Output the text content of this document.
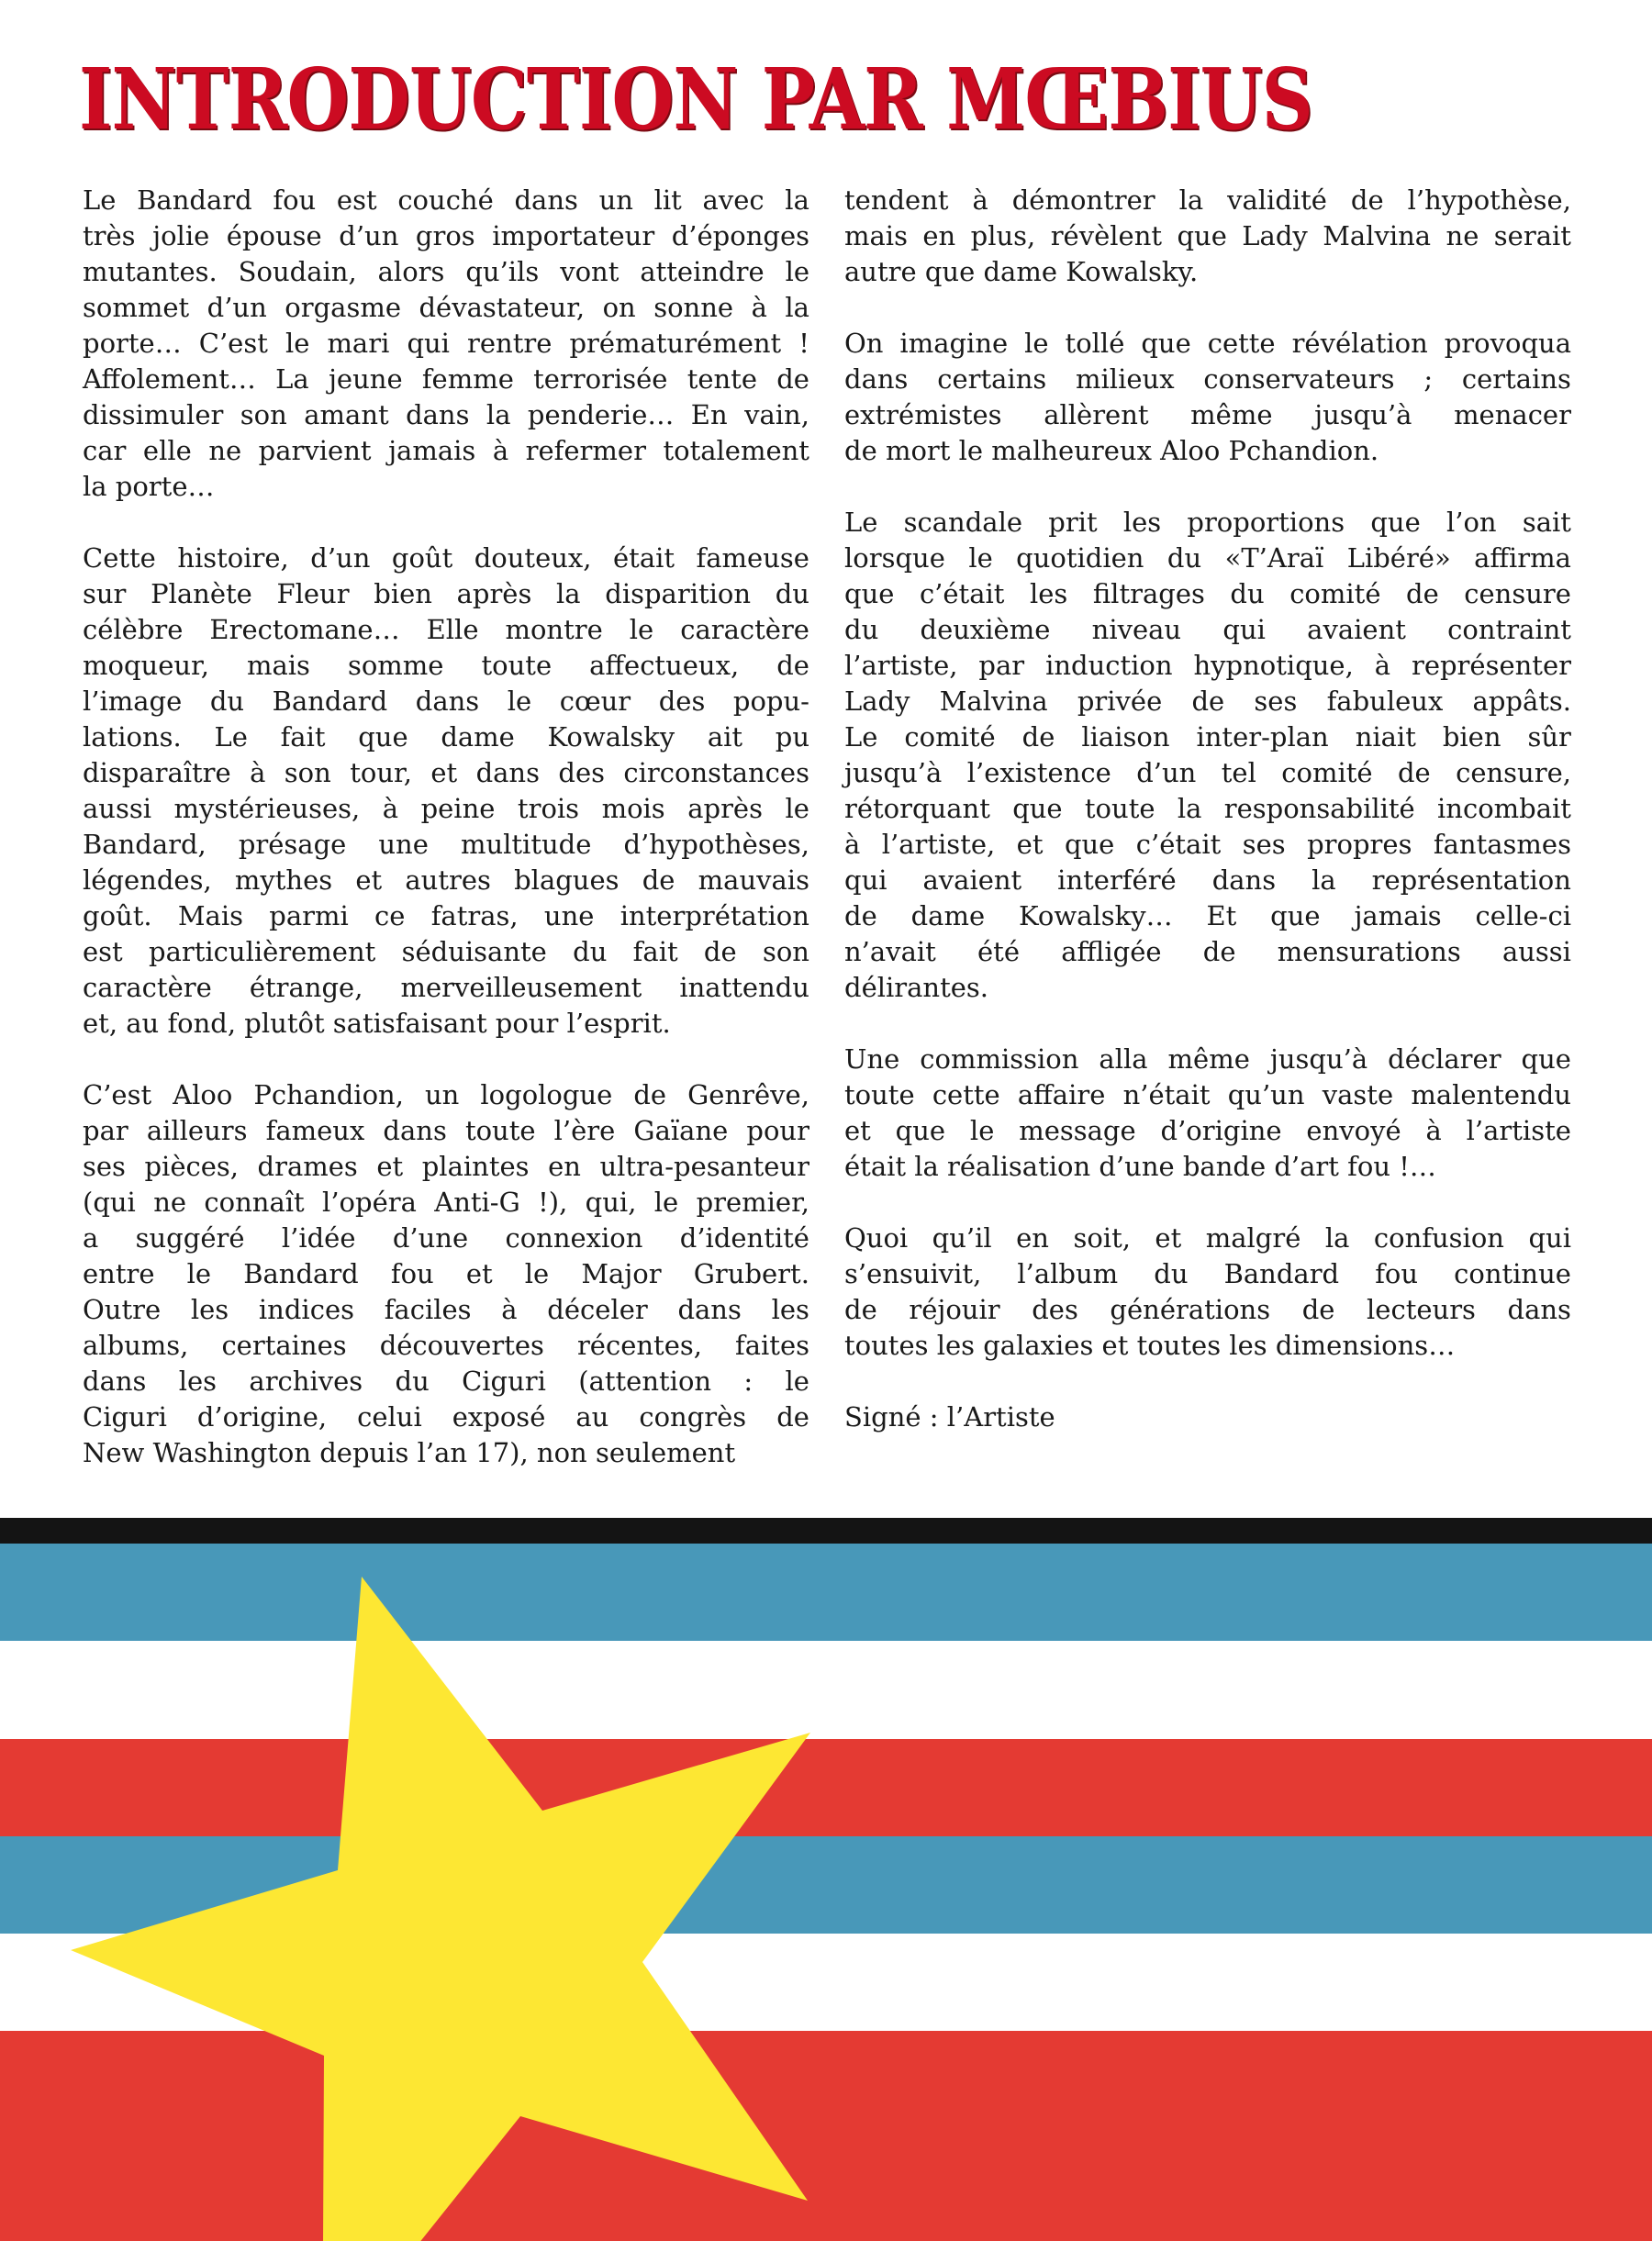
INTRODUCTION PAR MŒBIUS
Le Bandard fou est couché dans un lit avec la
très jolie épouse d’un gros importateur d’éponges
mutantes. Soudain, alors qu’ils vont atteindre le
sommet d’un orgasme dévastateur, on sonne à la
porte… C’est le mari qui rentre prématurément !
Affolement… La jeune femme terrorisée tente de
dissimuler son amant dans la penderie… En vain,
car elle ne parvient jamais à refermer totalement
la porte…
Cette histoire, d’un goût douteux, était fameuse
sur Planète Fleur bien après la disparition du
célèbre Erectomane… Elle montre le caractère
moqueur, mais somme toute affectueux, de
l’image du Bandard dans le cœur des popu-
lations. Le fait que dame Kowalsky ait pu
disparaître à son tour, et dans des circonstances
aussi mystérieuses, à peine trois mois après le
Bandard, présage une multitude d’hypothèses,
légendes, mythes et autres blagues de mauvais
goût. Mais parmi ce fatras, une interprétation
est particulièrement séduisante du fait de son
caractère étrange, merveilleusement inattendu
et, au fond, plutôt satisfaisant pour l’esprit.
C’est Aloo Pchandion, un logologue de Genrêve,
par ailleurs fameux dans toute l’ère Gaïane pour
ses pièces, drames et plaintes en ultra-pesanteur
(qui ne connaît l’opéra Anti-G !), qui, le premier,
a suggéré l’idée d’une connexion d’identité
entre le Bandard fou et le Major Grubert.
Outre les indices faciles à déceler dans les
albums, certaines découvertes récentes, faites
dans les archives du Ciguri (attention : le
Ciguri d’origine, celui exposé au congrès de
New Washington depuis l’an 17), non seulement
tendent à démontrer la validité de l’hypothèse,
mais en plus, révèlent que Lady Malvina ne serait
autre que dame Kowalsky.
On imagine le tollé que cette révélation provoqua
dans certains milieux conservateurs ; certains
extrémistes allèrent même jusqu’à menacer
de mort le malheureux Aloo Pchandion.
Le scandale prit les proportions que l’on sait
lorsque le quotidien du «T’Araï Libéré» affirma
que c’était les filtrages du comité de censure
du deuxième niveau qui avaient contraint
l’artiste, par induction hypnotique, à représenter
Lady Malvina privée de ses fabuleux appâts.
Le comité de liaison inter-plan niait bien sûr
jusqu’à l’existence d’un tel comité de censure,
rétorquant que toute la responsabilité incombait
à l’artiste, et que c’était ses propres fantasmes
qui avaient interféré dans la représentation
de dame Kowalsky… Et que jamais celle-ci
n’avait été affligée de mensurations aussi
délirantes.
Une commission alla même jusqu’à déclarer que
toute cette affaire n’était qu’un vaste malentendu
et que le message d’origine envoyé à l’artiste
était la réalisation d’une bande d’art fou !…
Quoi qu’il en soit, et malgré la confusion qui
s’ensuivit, l’album du Bandard fou continue
de réjouir des générations de lecteurs dans
toutes les galaxies et toutes les dimensions…

Signé : l’Artiste
